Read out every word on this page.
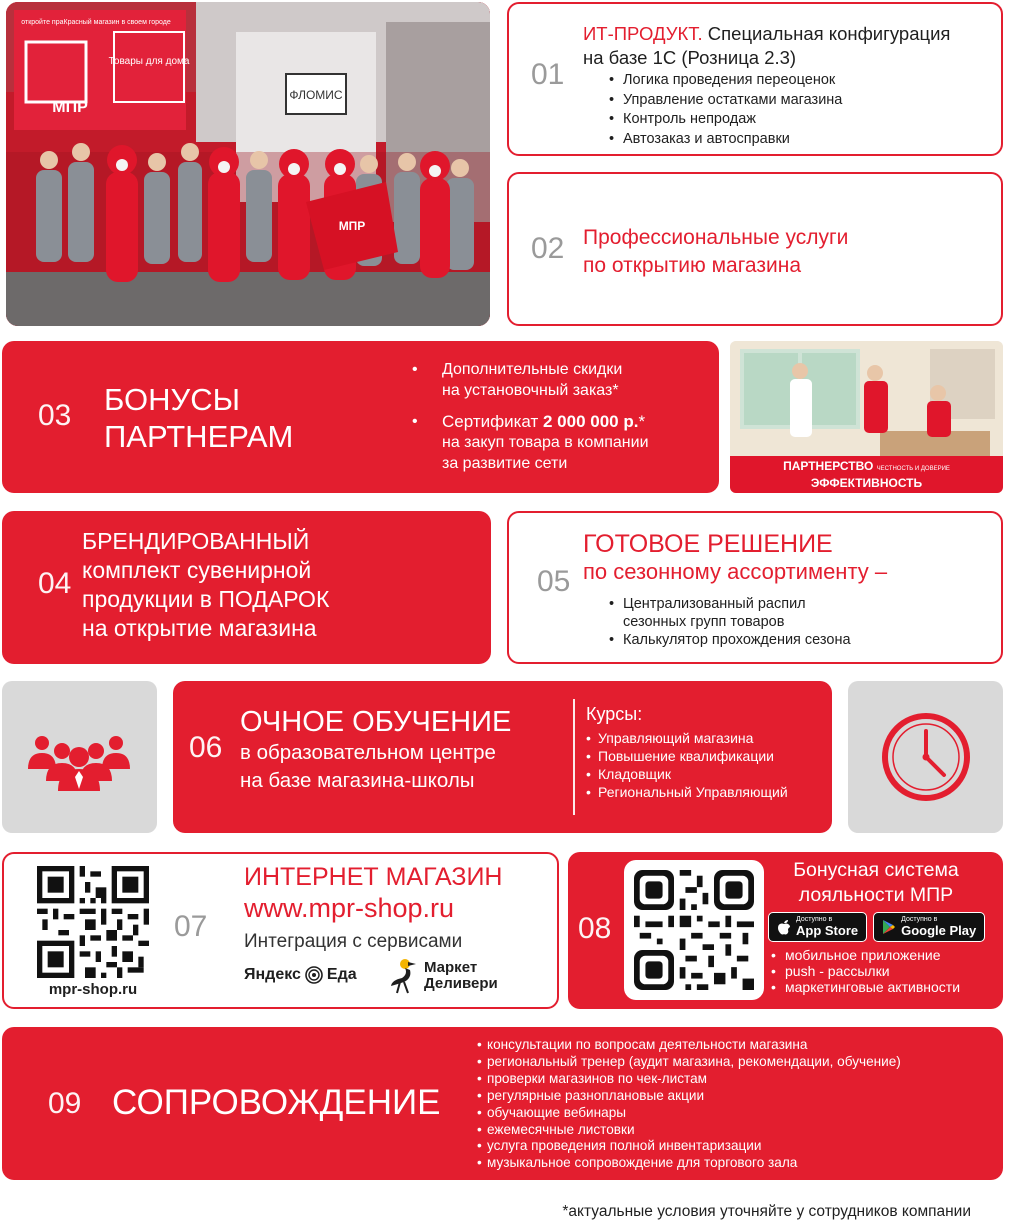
ФЛОМИС
МПР
Товары для дома
откройте праКрасный магазин в своем городе
МПР
01
ИТ-ПРОДУКТ. Специальная конфигурация
на базе 1С (Розница 2.3)
• Логика проведения переоценок
• Управление остатками магазина
• Контроль непродаж
• Автозаказ и автосправки
02 Профессиональные услуги
по открытию магазина
03 БОНУСЫ
ПАРТНЕРАМ
• Дополнительные скидки
на установочный заказ*
• Сертификат 2 000 000 р.*
на закуп товара в компании
за развитие сети	ПАРТНЕРСТВО ЧЕСТНОСТЬ И ДОВЕРИЕ
ЭФФЕКТИВНОСТЬ
04
БРЕНДИРОВАННЫЙ
комплект сувенирной
продукции в ПОДАРОК
на открытие магазина
05
ГОТОВОЕ РЕШЕНИЕ
по сезонному ассортименту –
• Централизованный распил
сезонных групп товаров
• Калькулятор прохождения сезона
06
ОЧНОЕ ОБУЧЕНИЕ
в образовательном центре
на базе магазина-школы
Курсы:
• Управляющий магазина
• Повышение квалификации
• Кладовщик
• Региональный Управляющий
mpr-shop.ru
07
ИНТЕРНЕТ МАГАЗИН
www.mpr-shop.ru
Интеграция с сервисами
Яндекс Еда	Маркет
Деливери
08
Бонусная система
лояльности МПР
Доступно в
App Store
Доступно в
Google Play
• мобильное приложение
• push - рассылки
• маркетинговые активности
09 СОПРОВОЖДЕНИЕ
• консультации по вопросам деятельности магазина
• региональный тренер (аудит магазина, рекомендации, обучение)
• проверки магазинов по чек-листам
• регулярные разноплановые акции
• обучающие вебинары
• ежемесячные листовки
• услуга проведения полной инвентаризации
• музыкальное сопровождение для торгового зала
*актуальные условия уточняйте у сотрудников компании
